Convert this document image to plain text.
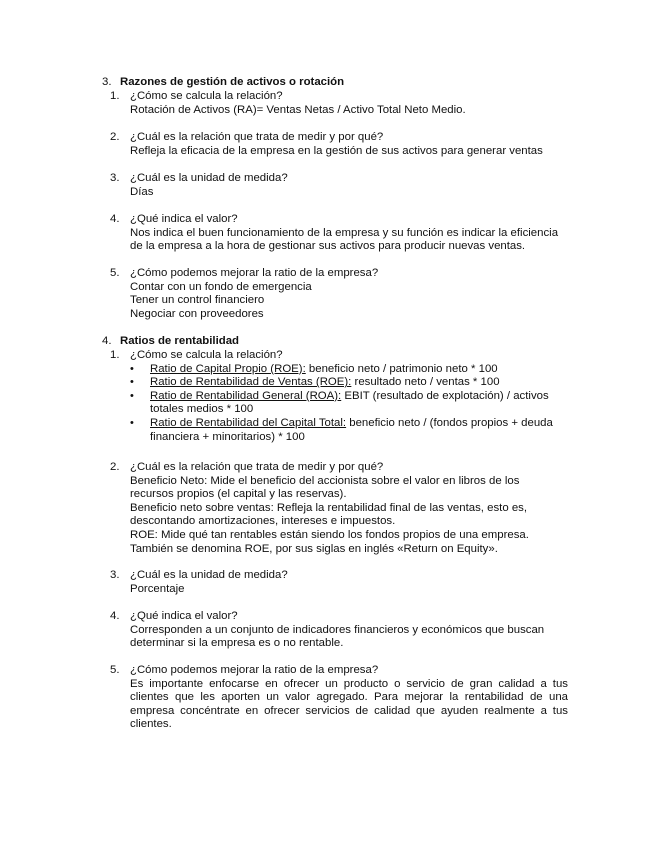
3. Razones de gestión de activos o rotación
1. ¿Cómo se calcula la relación?
Rotación de Activos (RA)= Ventas Netas / Activo Total Neto Medio.
2. ¿Cuál es la relación que trata de medir y por qué?
Refleja la eficacia de la empresa en la gestión de sus activos para generar ventas
3. ¿Cuál es la unidad de medida?
Días
4. ¿Qué indica el valor?
Nos indica el buen funcionamiento de la empresa y su función es indicar la eficiencia de la empresa a la hora de gestionar sus activos para producir nuevas ventas.
5. ¿Cómo podemos mejorar la ratio de la empresa?
Contar con un fondo de emergencia
Tener un control financiero
Negociar con proveedores
4. Ratios de rentabilidad
1. ¿Cómo se calcula la relación?
• Ratio de Capital Propio (ROE): beneficio neto / patrimonio neto * 100
• Ratio de Rentabilidad de Ventas (ROE): resultado neto / ventas * 100
• Ratio de Rentabilidad General (ROA): EBIT (resultado de explotación) / activos totales medios * 100
• Ratio de Rentabilidad del Capital Total: beneficio neto / (fondos propios + deuda financiera + minoritarios) * 100
2. ¿Cuál es la relación que trata de medir y por qué?
Beneficio Neto: Mide el beneficio del accionista sobre el valor en libros de los recursos propios (el capital y las reservas).
Beneficio neto sobre ventas: Refleja la rentabilidad final de las ventas, esto es, descontando amortizaciones, intereses e impuestos.
ROE: Mide qué tan rentables están siendo los fondos propios de una empresa. También se denomina ROE, por sus siglas en inglés «Return on Equity».
3. ¿Cuál es la unidad de medida?
Porcentaje
4. ¿Qué indica el valor?
Corresponden a un conjunto de indicadores financieros y económicos que buscan determinar si la empresa es o no rentable.
5. ¿Cómo podemos mejorar la ratio de la empresa?
Es importante enfocarse en ofrecer un producto o servicio de gran calidad a tus clientes que les aporten un valor agregado. Para mejorar la rentabilidad de una empresa concéntrate en ofrecer servicios de calidad que ayuden realmente a tus clientes.
